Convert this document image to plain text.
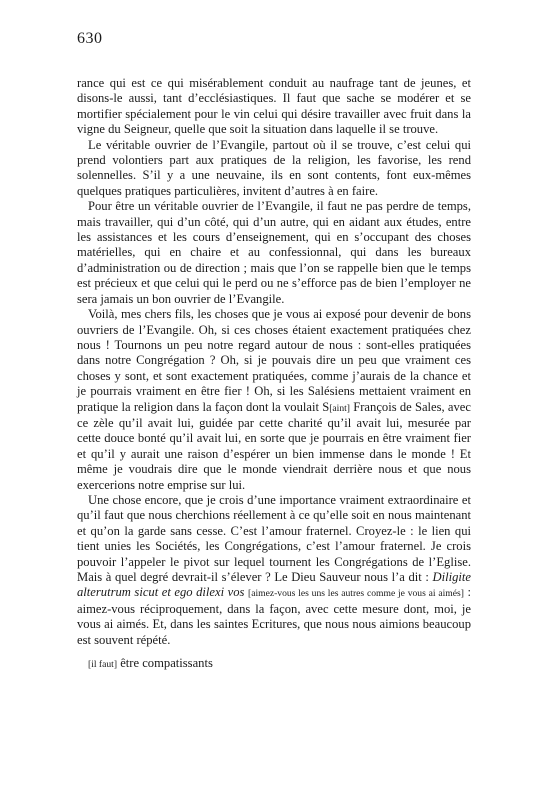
630

rance qui est ce qui misérablement conduit au naufrage tant de jeunes, et disons-le aussi, tant d’ecclésiastiques. Il faut que sache se modérer et se mortifier spécialement pour le vin celui qui désire travailler avec fruit dans la vigne du Seigneur, quelle que soit la situation dans laquelle il se trouve.

Le véritable ouvrier de l’Evangile, partout où il se trouve, c’est celui qui prend volontiers part aux pratiques de la religion, les favorise, les rend solennelles. S’il y a une neuvaine, ils en sont contents, font eux-mêmes quelques pratiques particulières, invitent d’autres à en faire.

Pour être un véritable ouvrier de l’Evangile, il faut ne pas perdre de temps, mais travailler, qui d’un côté, qui d’un autre, qui en aidant aux études, entre les assistances et les cours d’enseignement, qui en s’occupant des choses matérielles, qui en chaire et au confessionnal, qui dans les bureaux d’administration ou de direction ; mais que l’on se rappelle bien que le temps est précieux et que celui qui le perd ou ne s’efforce pas de bien l’employer ne sera jamais un bon ouvrier de l’Evangile.

Voilà, mes chers fils, les choses que je vous ai exposé pour devenir de bons ouvriers de l’Evangile. Oh, si ces choses étaient exactement pratiquées chez nous ! Tournons un peu notre regard autour de nous : sont-elles pratiquées dans notre Congrégation ? Oh, si je pouvais dire un peu que vraiment ces choses y sont, et sont exactement pratiquées, comme j’aurais de la chance et je pourrais vraiment en être fier ! Oh, si les Salésiens mettaient vraiment en pratique la religion dans la façon dont la voulait S[aint] François de Sales, avec ce zèle qu’il avait lui, guidée par cette charité qu’il avait lui, mesurée par cette douce bonté qu’il avait lui, en sorte que je pourrais en être vraiment fier et qu’il y aurait une raison d’espérer un bien immense dans le monde ! Et même je voudrais dire que le monde viendrait derrière nous et que nous exercerions notre emprise sur lui.

Une chose encore, que je crois d’une importance vraiment extraordinaire et qu’il faut que nous cherchions réellement à ce qu’elle soit en nous maintenant et qu’on la garde sans cesse. C’est l’amour fraternel. Croyez-le : le lien qui tient unies les Sociétés, les Congrégations, c’est l’amour fraternel. Je crois pouvoir l’appeler le pivot sur lequel tournent les Congrégations de l’Eglise. Mais à quel degré devrait-il s’élever ? Le Dieu Sauveur nous l’a dit : Diligite alterutrum sicut et ego dilexi vos [aimez-vous les uns les autres comme je vous ai aimés] : aimez-vous réciproquement, dans la façon, avec cette mesure dont, moi, je vous ai aimés. Et, dans les saintes Ecritures, que nous nous aimions beaucoup est souvent répété.

[il faut] être compatissants
